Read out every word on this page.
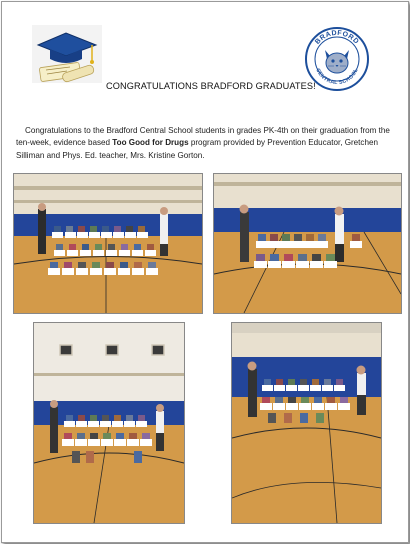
BRADFORD
CENTRAL SCHOOL
CONGRATULATIONS BRADFORD GRADUATES!
Congratulations to the Bradford Central School students in grades PK-4th on their graduation from the ten-week, evidence based Too Good for Drugs program provided by Prevention Educator, Gretchen Silliman and Phys. Ed. teacher, Mrs. Kristine Gorton.
